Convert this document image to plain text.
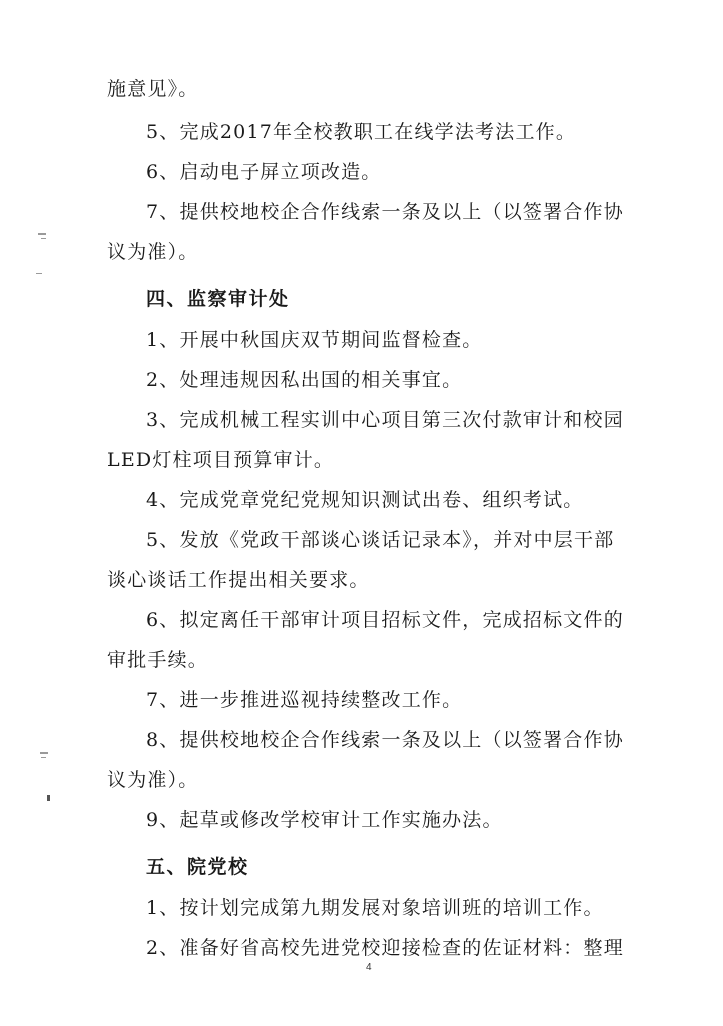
施意见》。
5、完成2017年全校教职工在线学法考法工作。
6、启动电子屏立项改造。
7、提供校地校企合作线索一条及以上（以签署合作协
议为准）。
四、监察审计处
1、开展中秋国庆双节期间监督检查。
2、处理违规因私出国的相关事宜。
3、完成机械工程实训中心项目第三次付款审计和校园
LED灯柱项目预算审计。
4、完成党章党纪党规知识测试出卷、组织考试。
5、发放《党政干部谈心谈话记录本》，并对中层干部
谈心谈话工作提出相关要求。
6、拟定离任干部审计项目招标文件，完成招标文件的
审批手续。
7、进一步推进巡视持续整改工作。
8、提供校地校企合作线索一条及以上（以签署合作协
议为准）。
9、起草或修改学校审计工作实施办法。
五、院党校
1、按计划完成第九期发展对象培训班的培训工作。
2、准备好省高校先进党校迎接检查的佐证材料：整理
4
